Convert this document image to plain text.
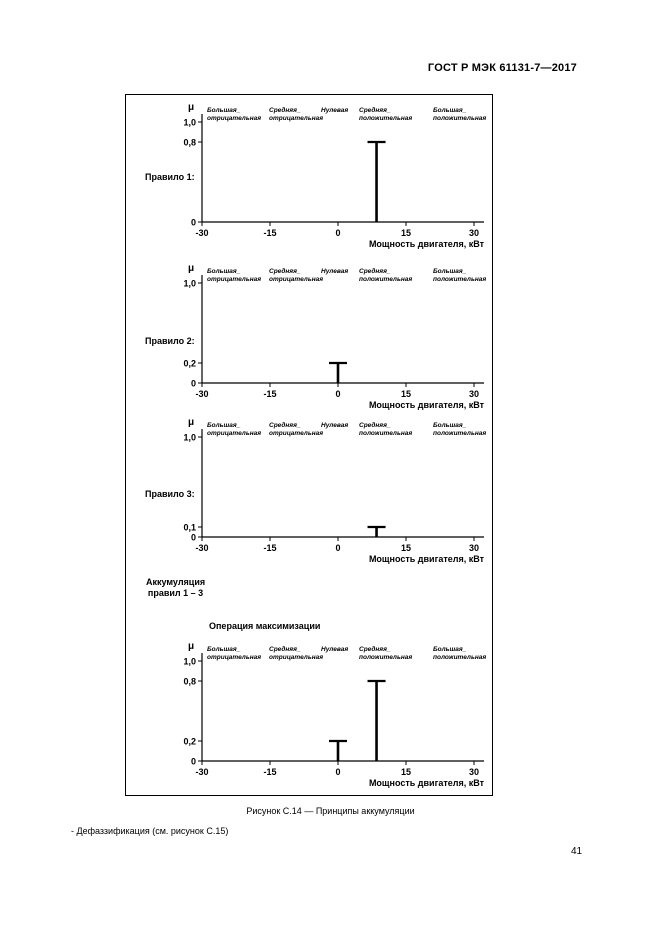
ГОСТ Р МЭК 61131-7—2017
Правило 1:
Правило 2:
Правило 3:
Аккумуляция
правил 1 – 3
Операция максимизации
μ
1,0
0,8
0
-30	-15	0	15	30
Мощность двигателя, кВт
Большая_
отрицательная
Средняя_
отрицательная
Нулевая Средняя_
положительная
Большая_
положительная
μ
1,0
0,2
0
-30	-15	0	15	30
Мощность двигателя, кВт
Большая_
отрицательная
Средняя_
отрицательная
Нулевая Средняя_
положительная
Большая_
положительная
μ
1,0
0,1
0
-30	-15	0	15	30
Мощность двигателя, кВт
Большая_
отрицательная
Средняя_
отрицательная
Нулевая Средняя_
положительная
Большая_
положительная
μ
1,0
0,8
0,2
0
-30	-15	0	15	30
Мощность двигателя, кВт
Большая_
отрицательная
Средняя_
отрицательная
Нулевая Средняя_
положительная
Большая_
положительная
Рисунок С.14 — Принципы аккумуляции
- Дефаззификация (см. рисунок С.15)
41
